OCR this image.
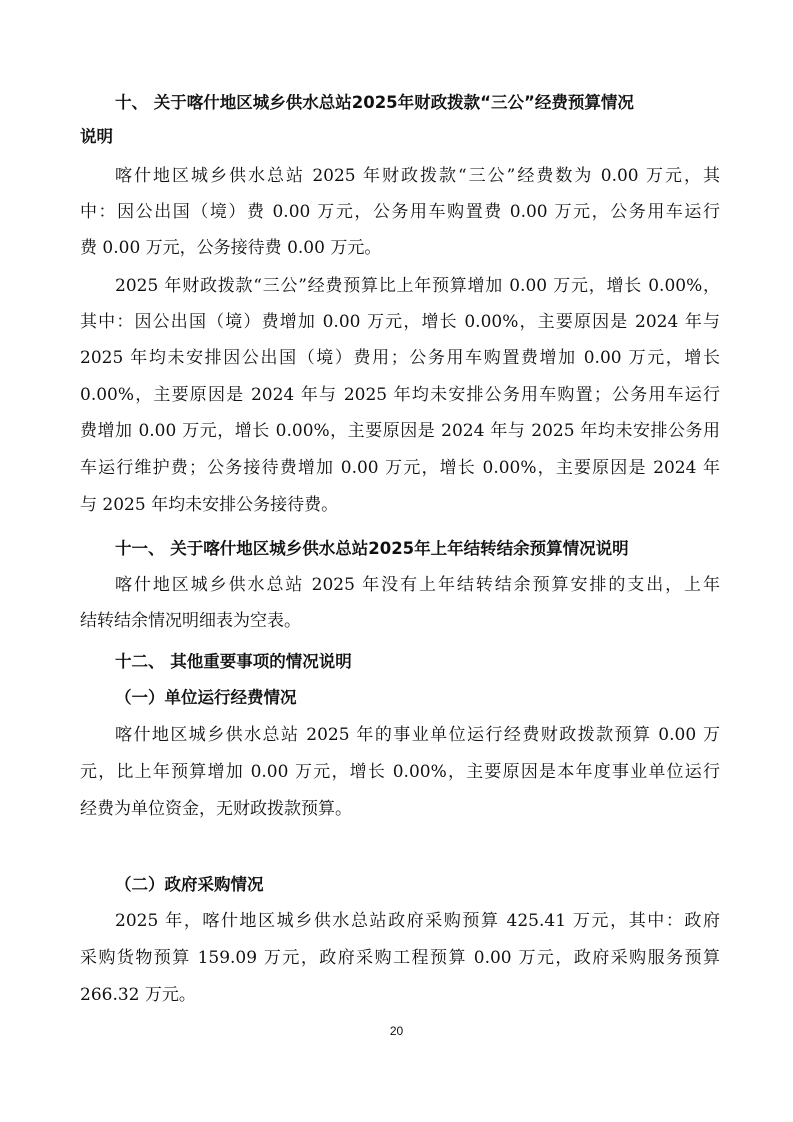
十、 关于喀什地区城乡供水总站2025年财政拨款“三公”经费预算情况
说明
喀什地区城乡供水总站 2025 年财政拨款“三公”经费数为 0.00 万元，其
中：因公出国（境）费 0.00 万元，公务用车购置费 0.00 万元，公务用车运行
费 0.00 万元，公务接待费 0.00 万元。
2025 年财政拨款“三公”经费预算比上年预算增加 0.00 万元，增长 0.00%，
其中：因公出国（境）费增加 0.00 万元，增长 0.00%，主要原因是 2024 年与
2025 年均未安排因公出国（境）费用；公务用车购置费增加 0.00 万元，增长
0.00%，主要原因是 2024 年与 2025 年均未安排公务用车购置；公务用车运行
费增加 0.00 万元，增长 0.00%，主要原因是 2024 年与 2025 年均未安排公务用
车运行维护费；公务接待费增加 0.00 万元，增长 0.00%，主要原因是 2024 年
与 2025 年均未安排公务接待费。
十一、 关于喀什地区城乡供水总站2025年上年结转结余预算情况说明
喀什地区城乡供水总站 2025 年没有上年结转结余预算安排的支出，上年
结转结余情况明细表为空表。
十二、 其他重要事项的情况说明
（一）单位运行经费情况
喀什地区城乡供水总站 2025 年的事业单位运行经费财政拨款预算 0.00 万
元，比上年预算增加 0.00 万元，增长 0.00%，主要原因是本年度事业单位运行
经费为单位资金，无财政拨款预算。
（二）政府采购情况
2025 年，喀什地区城乡供水总站政府采购预算 425.41 万元，其中：政府
采购货物预算 159.09 万元，政府采购工程预算 0.00 万元，政府采购服务预算
266.32 万元。
20
